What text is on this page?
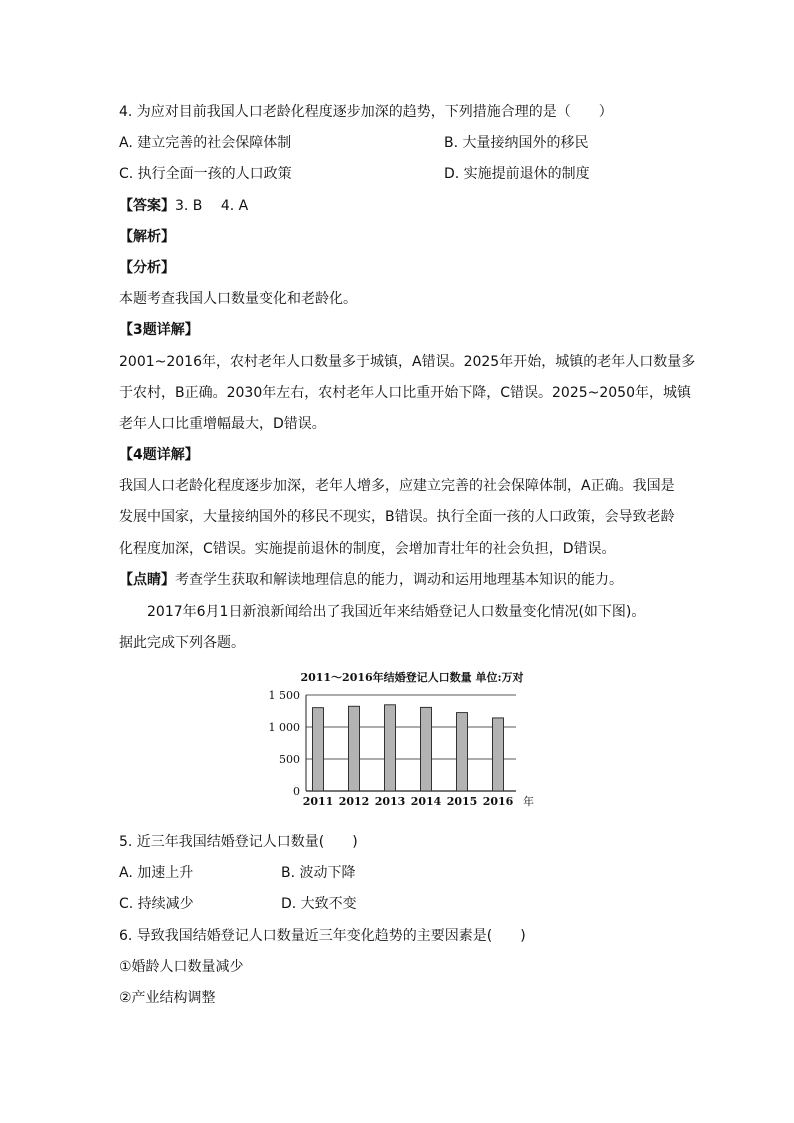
4. 为应对目前我国人口老龄化程度逐步加深的趋势，下列措施合理的是（　　）
A. 建立完善的社会保障体制	B. 大量接纳国外的移民
C. 执行全面一孩的人口政策	D. 实施提前退休的制度
【答案】3. B　 4. A
【解析】
【分析】
本题考查我国人口数量变化和老龄化。
【3题详解】
2001~2016年，农村老年人口数量多于城镇，A错误。2025年开始，城镇的老年人口数量多
于农村，B正确。2030年左右，农村老年人口比重开始下降，C错误。2025~2050年，城镇
老年人口比重增幅最大，D错误。
【4题详解】
我国人口老龄化程度逐步加深，老年人增多，应建立完善的社会保障体制，A正确。我国是
发展中国家，大量接纳国外的移民不现实，B错误。执行全面一孩的人口政策，会导致老龄
化程度加深，C错误。实施提前退休的制度，会增加青壮年的社会负担，D错误。
【点睛】考查学生获取和解读地理信息的能力，调动和运用地理基本知识的能力。
2017年6月1日新浪新闻给出了我国近年来结婚登记人口数量变化情况(如下图)。
据此完成下列各题。
2011～2016年结婚登记人口数量 单位:万对
0
500
1 000
1 500
2011 2012 2013 2014 2015 2016 年
5. 近三年我国结婚登记人口数量(　　)
A. 加速上升	B. 波动下降
C. 持续减少	D. 大致不变
6. 导致我国结婚登记人口数量近三年变化趋势的主要因素是(　　)
①婚龄人口数量减少
②产业结构调整
